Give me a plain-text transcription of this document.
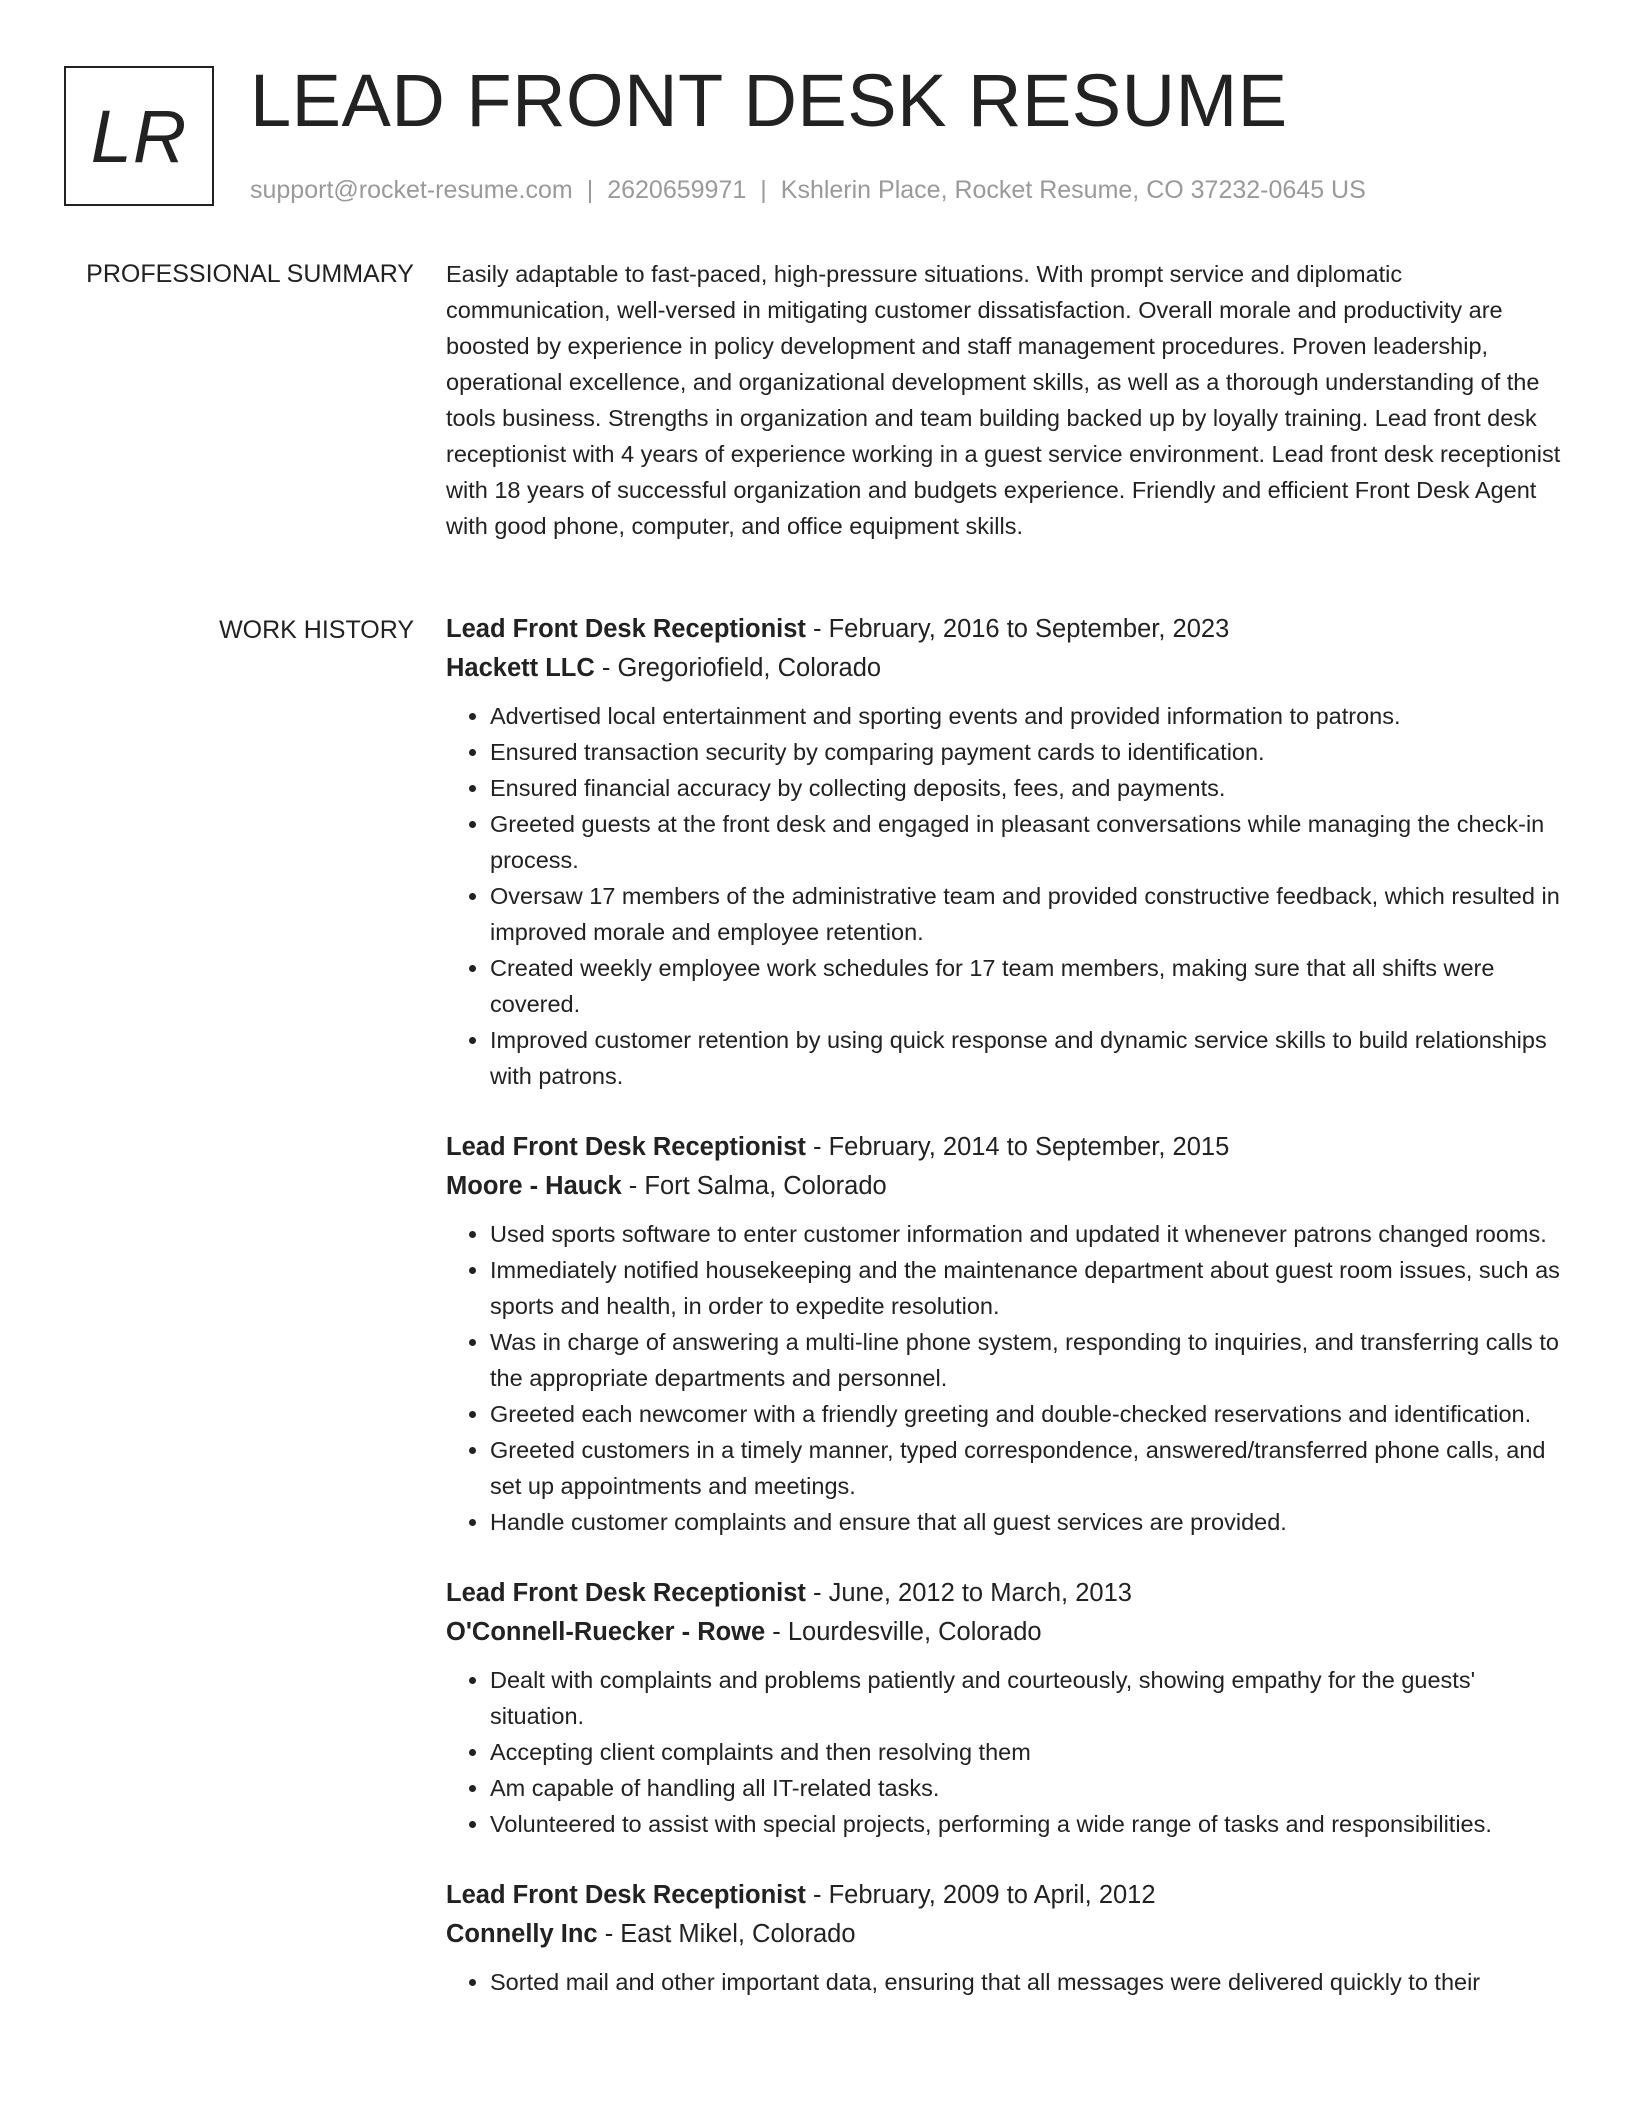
LR LEAD FRONT DESK RESUME
support@rocket-resume.com | 2620659971 | Kshlerin Place, Rocket Resume, CO 37232-0645 US
PROFESSIONAL SUMMARY Easily adaptable to fast-paced, high-pressure situations. With prompt service and diplomatic communication, well-versed in mitigating customer dissatisfaction. Overall morale and productivity are boosted by experience in policy development and staff management procedures. Proven leadership, operational excellence, and organizational development skills, as well as a thorough understanding of the tools business. Strengths in organization and team building backed up by loyally training. Lead front desk receptionist with 4 years of experience working in a guest service environment. Lead front desk receptionist with 18 years of successful organization and budgets experience. Friendly and efficient Front Desk Agent with good phone, computer, and office equipment skills.

WORK HISTORY Lead Front Desk Receptionist - February, 2016 to September, 2023
Hackett LLC - Gregoriofield, Colorado
• Advertised local entertainment and sporting events and provided information to patrons.
• Ensured transaction security by comparing payment cards to identification.
• Ensured financial accuracy by collecting deposits, fees, and payments.
• Greeted guests at the front desk and engaged in pleasant conversations while managing the check-in process.
• Oversaw 17 members of the administrative team and provided constructive feedback, which resulted in improved morale and employee retention.
• Created weekly employee work schedules for 17 team members, making sure that all shifts were covered.
• Improved customer retention by using quick response and dynamic service skills to build relationships with patrons.
Lead Front Desk Receptionist - February, 2014 to September, 2015
Moore - Hauck - Fort Salma, Colorado
• Used sports software to enter customer information and updated it whenever patrons changed rooms.
• Immediately notified housekeeping and the maintenance department about guest room issues, such as sports and health, in order to expedite resolution.
• Was in charge of answering a multi-line phone system, responding to inquiries, and transferring calls to the appropriate departments and personnel.
• Greeted each newcomer with a friendly greeting and double-checked reservations and identification.
• Greeted customers in a timely manner, typed correspondence, answered/transferred phone calls, and set up appointments and meetings.
• Handle customer complaints and ensure that all guest services are provided.
Lead Front Desk Receptionist - June, 2012 to March, 2013
O'Connell-Ruecker - Rowe - Lourdesville, Colorado
• Dealt with complaints and problems patiently and courteously, showing empathy for the guests' situation.
• Accepting client complaints and then resolving them
• Am capable of handling all IT-related tasks.
• Volunteered to assist with special projects, performing a wide range of tasks and responsibilities.
Lead Front Desk Receptionist - February, 2009 to April, 2012
Connelly Inc - East Mikel, Colorado
• Sorted mail and other important data, ensuring that all messages were delivered quickly to their
